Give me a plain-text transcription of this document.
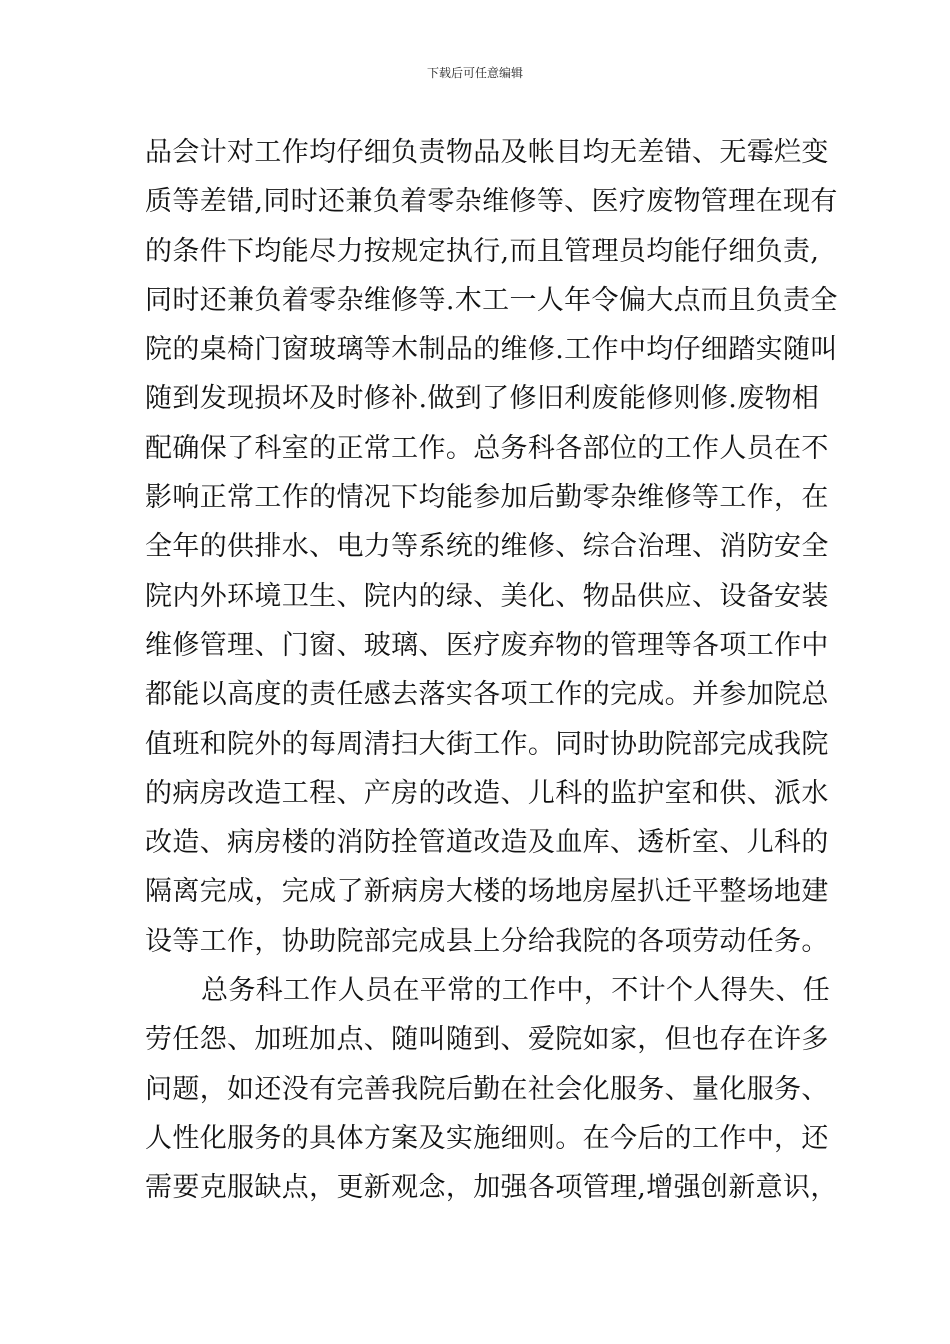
下载后可任意编辑
品会计对工作均仔细负责物品及帐目均无差错、无霉烂变
质等差错,同时还兼负着零杂维修等、医疗废物管理在现有
的条件下均能尽力按规定执行,而且管理员均能仔细负责,
同时还兼负着零杂维修等.木工一人年令偏大点而且负责全
院的桌椅门窗玻璃等木制品的维修.工作中均仔细踏实随叫
随到发现损坏及时修补.做到了修旧利废能修则修.废物相
配确保了科室的正常工作。总务科各部位的工作人员在不
影响正常工作的情况下均能参加后勤零杂维修等工作，在
全年的供排水、电力等系统的维修、综合治理、消防安全
院内外环境卫生、院内的绿、美化、物品供应、设备安装
维修管理、门窗、玻璃、医疗废弃物的管理等各项工作中
都能以高度的责任感去落实各项工作的完成。并参加院总
值班和院外的每周清扫大街工作。同时协助院部完成我院
的病房改造工程、产房的改造、儿科的监护室和供、派水
改造、病房楼的消防拴管道改造及血库、透析室、儿科的
隔离完成，完成了新病房大楼的场地房屋扒迁平整场地建
设等工作，协助院部完成县上分给我院的各项劳动任务。
总务科工作人员在平常的工作中，不计个人得失、任
劳任怨、加班加点、随叫随到、爱院如家，但也存在许多
问题，如还没有完善我院后勤在社会化服务、量化服务、
人性化服务的具体方案及实施细则。在今后的工作中，还
需要克服缺点，更新观念，加强各项管理,增强创新意识，
